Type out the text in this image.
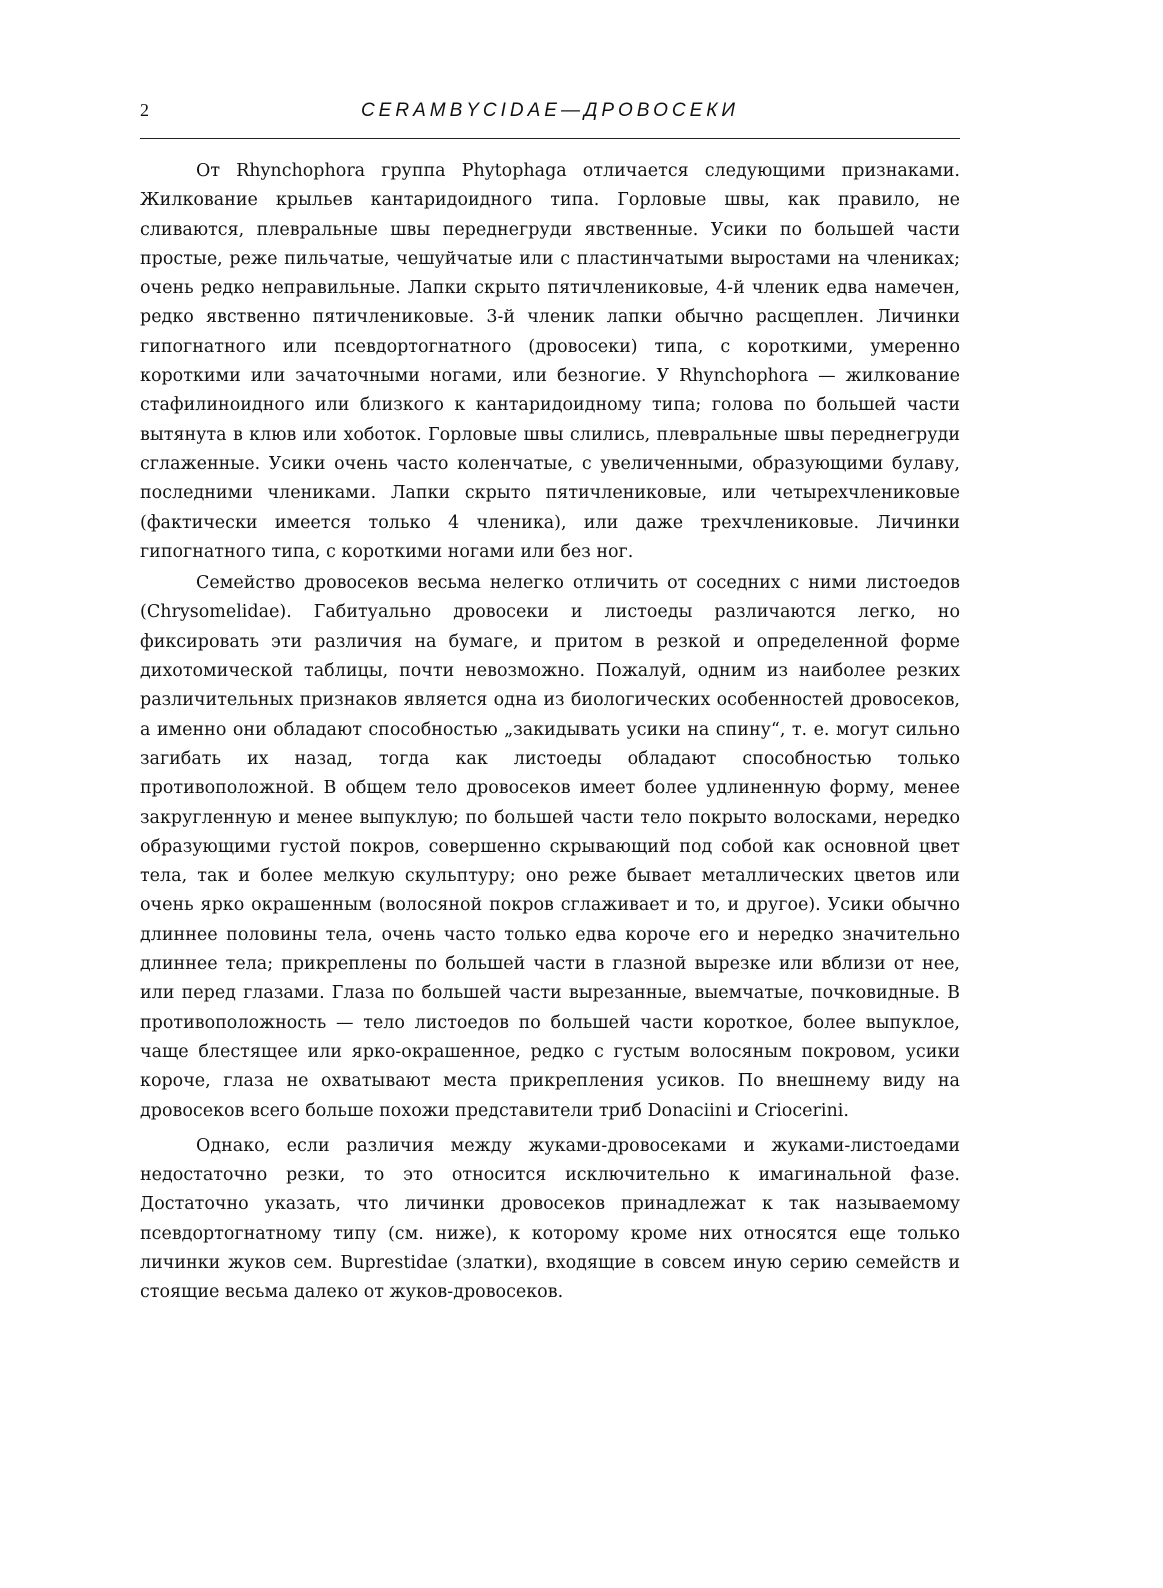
2	CERAMBYCIDAE—ДРОВОСЕКИ

От Rhynchophora группа Phytophaga отличается следующими признаками. Жилкование крыльев кантаридоидного типа. Горловые швы, как правило, не сливаются, плевральные швы переднегруди явственные. Усики по большей части простые, реже пильчатые, чешуйчатые или с пластинчатыми выростами на члениках; очень редко неправильные. Лапки скрыто пятичлениковые, 4-й членик едва намечен, редко явственно пятичлениковые. 3-й членик лапки обычно расщеплен. Личинки гипогнатного или псевдортогнатного (дровосеки) типа, с короткими, умеренно короткими или зачаточными ногами, или безногие. У Rhynchophora — жилкование стафилиноидного или близкого к кантаридоидному типа; голова по большей части вытянута в клюв или хоботок. Горловые швы слились, плевральные швы переднегруди сглаженные. Усики очень часто коленчатые, с увеличенными, образующими булаву, последними члениками. Лапки скрыто пятичлениковые, или четырехчлениковые (фактически имеется только 4 членика), или даже трехчлениковые. Личинки гипогнатного типа, с короткими ногами или без ног.

Семейство дровосеков весьма нелегко отличить от соседних с ними листоедов (Chrysomelidae). Габитуально дровосеки и листоеды различаются легко, но фиксировать эти различия на бумаге, и притом в резкой и определенной форме дихотомической таблицы, почти невозможно. Пожалуй, одним из наиболее резких различительных признаков является одна из биологических особенностей дровосеков, а именно они обладают способностью „закидывать усики на спину“, т. е. могут сильно загибать их назад, тогда как листоеды обладают способностью только противоположной. В общем тело дровосеков имеет более удлиненную форму, менее закругленную и менее выпуклую; по большей части тело покрыто волосками, нередко образующими густой покров, совершенно скрывающий под собой как основной цвет тела, так и более мелкую скульптуру; оно реже бывает металлических цветов или очень ярко окрашенным (волосяной покров сглаживает и то, и другое). Усики обычно длиннее половины тела, очень часто только едва короче его и нередко значительно длиннее тела; прикреплены по большей части в глазной вырезке или вблизи от нее, или перед глазами. Глаза по большей части вырезанные, выемчатые, почковидные. В противоположность — тело листоедов по большей части короткое, более выпуклое, чаще блестящее или ярко-окрашенное, редко с густым волосяным покровом, усики короче, глаза не охватывают места прикрепления усиков. По внешнему виду на дровосеков всего больше похожи представители триб Donaciini и Criocerini.

Однако, если различия между жуками-дровосеками и жуками-листоедами недостаточно резки, то это относится исключительно к имагинальной фазе. Достаточно указать, что личинки дровосеков принадлежат к так называемому псевдортогнатному типу (см. ниже), к которому кроме них относятся еще только личинки жуков сем. Buprestidae (златки), входящие в совсем иную серию семейств и стоящие весьма далеко от жуков-дровосеков.
